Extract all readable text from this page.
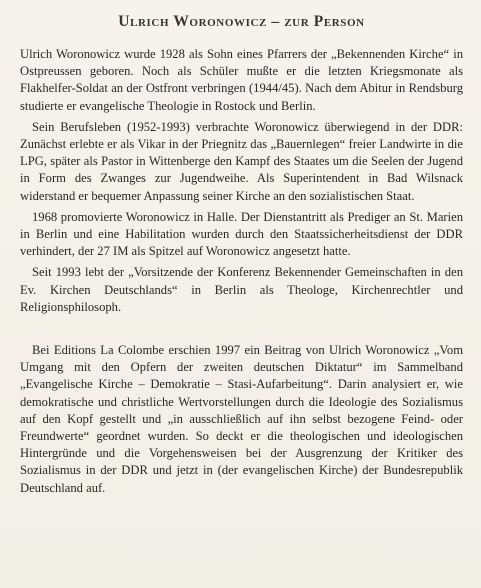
Ulrich Woronowicz – zur Person

Ulrich Woronowicz wurde 1928 als Sohn eines Pfarrers der „Bekennenden Kirche“ in Ostpreussen geboren. Noch als Schüler mußte er die letzten Kriegsmonate als Flakhelfer-Soldat an der Ostfront verbringen (1944/45). Nach dem Abitur in Rendsburg studierte er evangelische Theologie in Rostock und Berlin.

Sein Berufsleben (1952-1993) verbrachte Woronowicz überwiegend in der DDR: Zunächst erlebte er als Vikar in der Priegnitz das „Bauernlegen“ freier Landwirte in die LPG, später als Pastor in Wittenberge den Kampf des Staates um die Seelen der Jugend in Form des Zwanges zur Jugendweihe. Als Superintendent in Bad Wilsnack widerstand er bequemer Anpassung seiner Kirche an den sozialistischen Staat.

1968 promovierte Woronowicz in Halle. Der Dienstantritt als Prediger an St. Marien in Berlin und eine Habilitation wurden durch den Staatssicherheitsdienst der DDR verhindert, der 27 IM als Spitzel auf Woronowicz angesetzt hatte.

Seit 1993 lebt der „Vorsitzende der Konferenz Bekennender Gemeinschaften in den Ev. Kirchen Deutschlands“ in Berlin als Theologe, Kirchenrechtler und Religionsphilosoph.

Bei Editions La Colombe erschien 1997 ein Beitrag von Ulrich Woronowicz „Vom Umgang mit den Opfern der zweiten deutschen Diktatur“ im Sammelband „Evangelische Kirche – Demokratie – Stasi-Aufarbeitung“. Darin analysiert er, wie demokratische und christliche Wertvorstellungen durch die Ideologie des Sozialismus auf den Kopf gestellt und „in ausschließlich auf ihn selbst bezogene Feind- oder Freundwerte“ geordnet wurden. So deckt er die theologischen und ideologischen Hintergründe und die Vorgehensweisen bei der Ausgrenzung der Kritiker des Sozialismus in der DDR und jetzt in (der evangelischen Kirche) der Bundesrepublik Deutschland auf.
